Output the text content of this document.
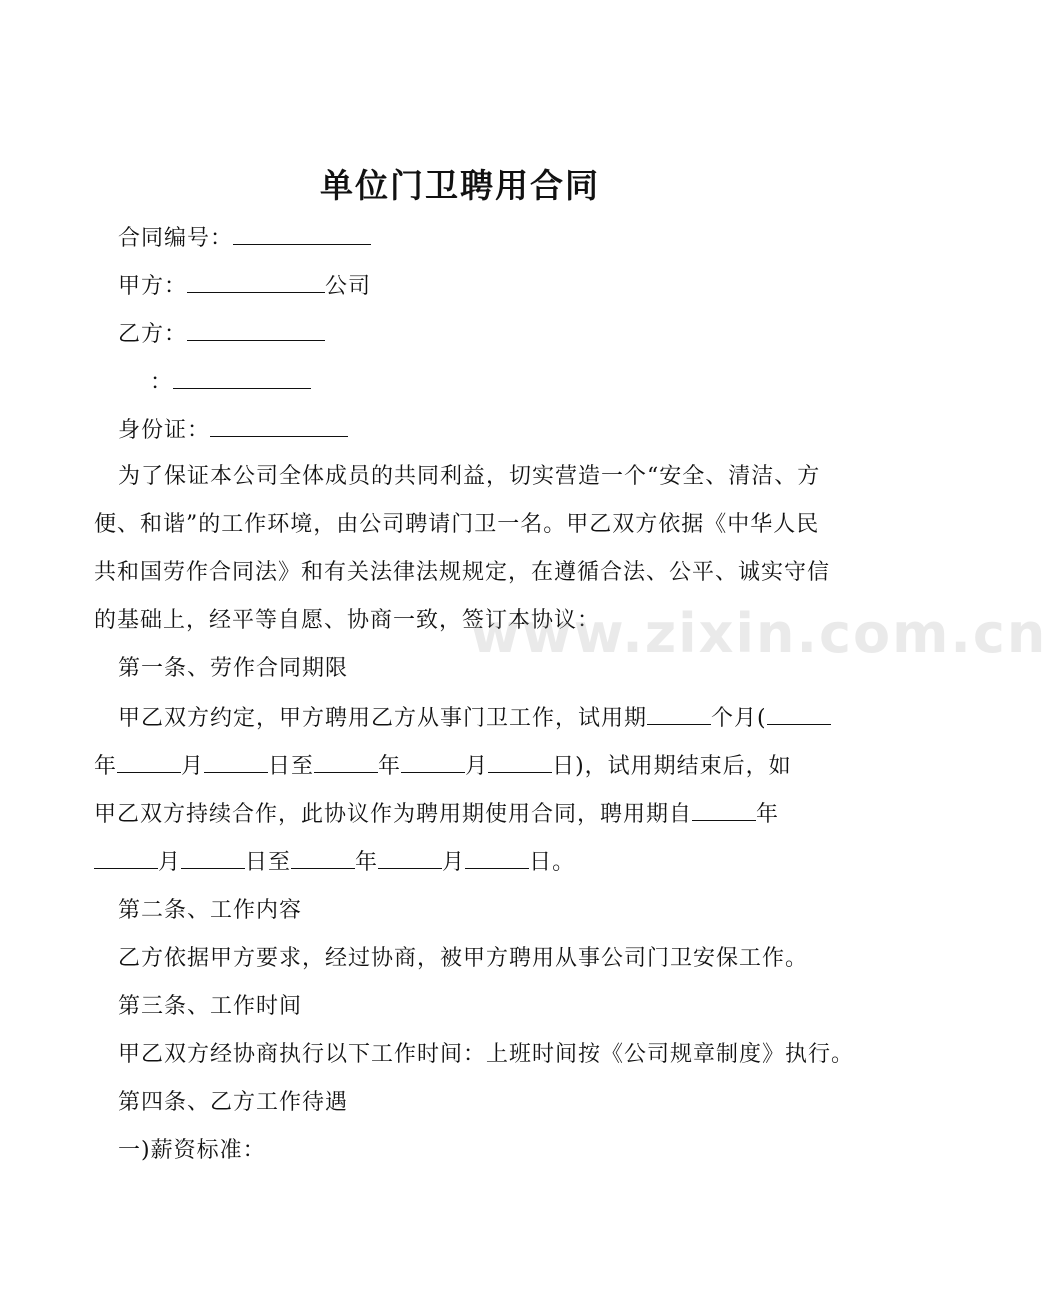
单位门卫聘用合同
合同编号：
甲方：	公司
乙方：
：
身份证：
为了保证本公司全体成员的共同利益，切实营造一个“安全、清洁、方
便、和谐”的工作环境，由公司聘请门卫一名。甲乙双方依据《中华人民
共和国劳作合同法》和有关法律法规规定，在遵循合法、公平、诚实守信
的基础上，经平等自愿、协商一致，签订本协议：
第一条、劳作合同期限
甲乙双方约定，甲方聘用乙方从事门卫工作，试用期	个月(
年	月	日至	年	月	日)，试用期结束后，如
甲乙双方持续合作，此协议作为聘用期使用合同，聘用期自	年
月	日至	年	月	日。
第二条、工作内容
乙方依据甲方要求，经过协商，被甲方聘用从事公司门卫安保工作。
第三条、工作时间
甲乙双方经协商执行以下工作时间：上班时间按《公司规章制度》执行。
第四条、乙方工作待遇
一)薪资标准：
www.zixin.com.cn
